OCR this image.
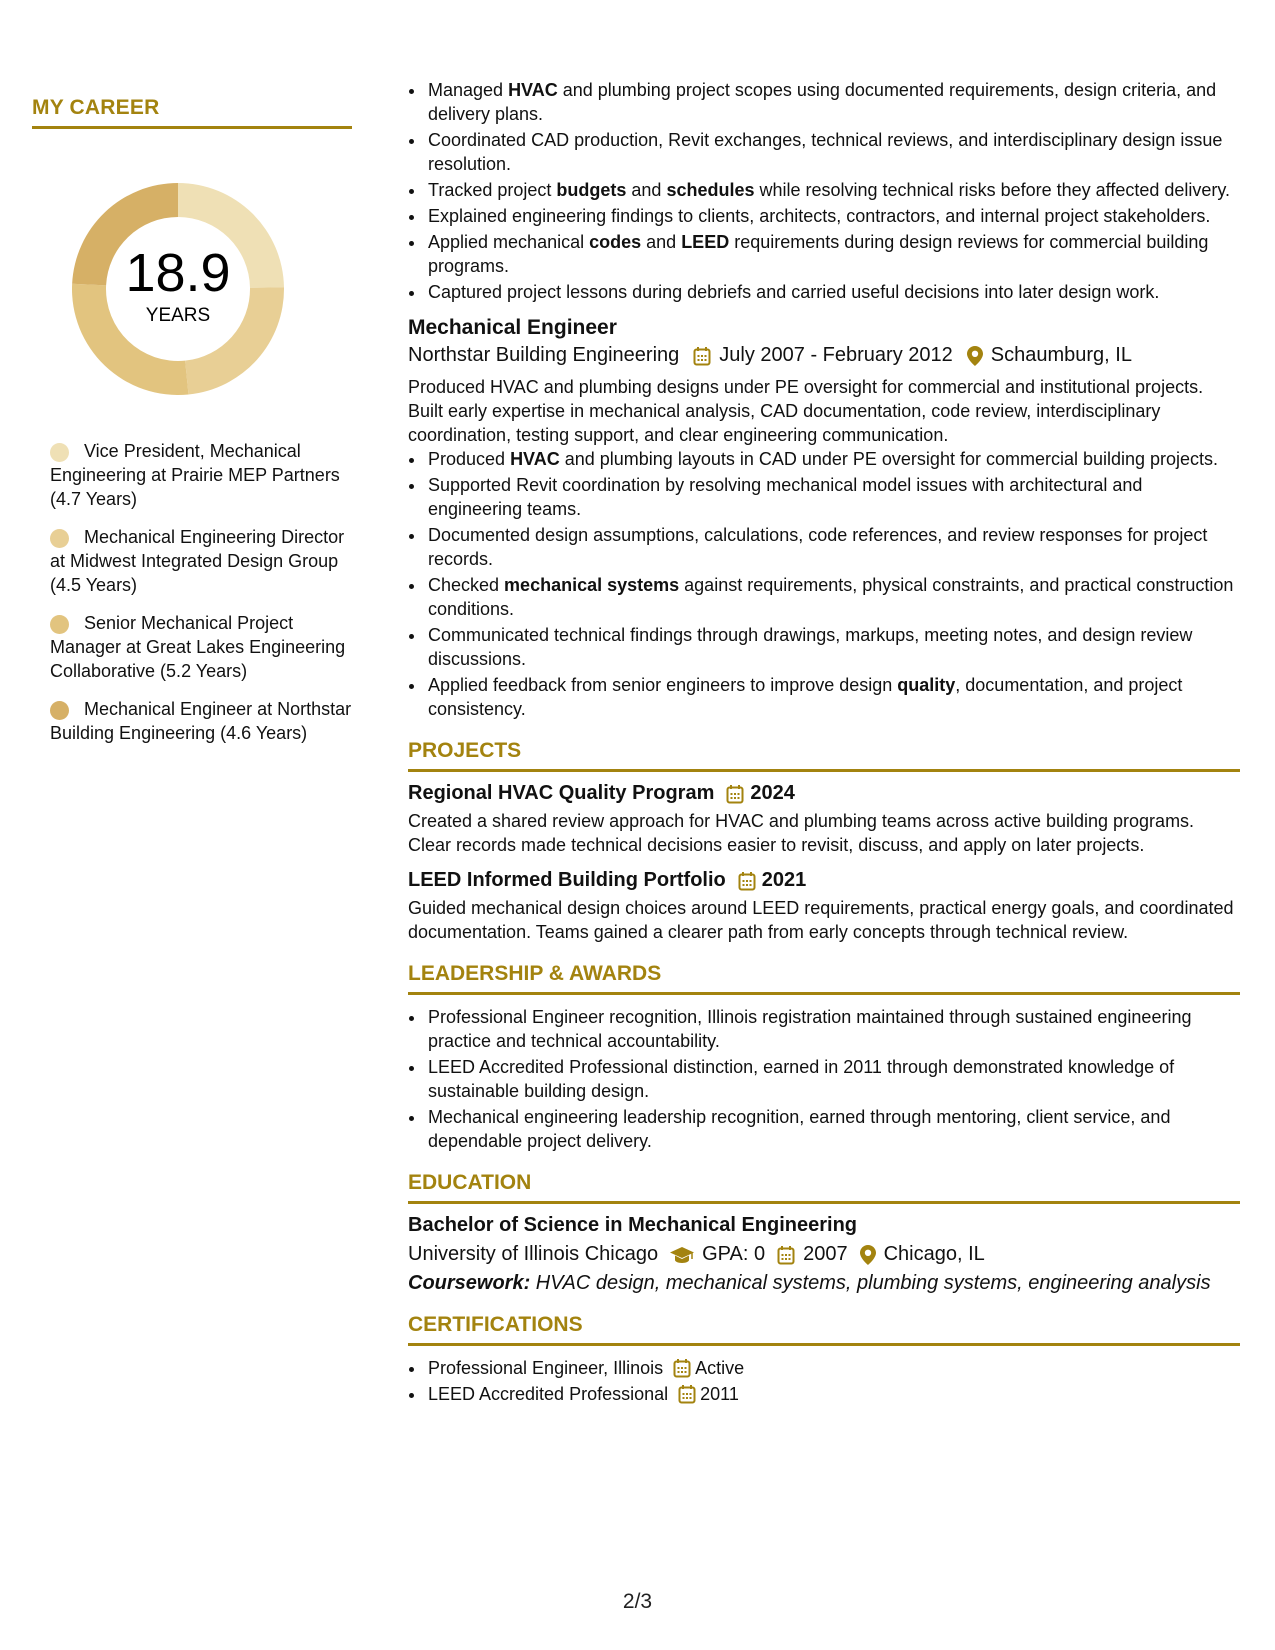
MY CAREER
18.9
YEARS
Vice President, Mechanical Engineering at Prairie MEP Partners (4.7 Years)
Mechanical Engineering Director at Midwest Integrated Design Group (4.5 Years)
Senior Mechanical Project Manager at Great Lakes Engineering Collaborative (5.2 Years)
Mechanical Engineer at Northstar Building Engineering (4.6 Years)
• Managed HVAC and plumbing project scopes using documented requirements, design criteria, and delivery plans.
• Coordinated CAD production, Revit exchanges, technical reviews, and interdisciplinary design issue resolution.
• Tracked project budgets and schedules while resolving technical risks before they affected delivery.
• Explained engineering findings to clients, architects, contractors, and internal project stakeholders.
• Applied mechanical codes and LEED requirements during design reviews for commercial building programs.
• Captured project lessons during debriefs and carried useful decisions into later design work.
Mechanical Engineer
Northstar Building Engineering July 2007 - February 2012 Schaumburg, IL
Produced HVAC and plumbing designs under PE oversight for commercial and institutional projects. Built early expertise in mechanical analysis, CAD documentation, code review, interdisciplinary coordination, testing support, and clear engineering communication.
• Produced HVAC and plumbing layouts in CAD under PE oversight for commercial building projects.
• Supported Revit coordination by resolving mechanical model issues with architectural and engineering teams.
• Documented design assumptions, calculations, code references, and review responses for project records.
• Checked mechanical systems against requirements, physical constraints, and practical construction conditions.
• Communicated technical findings through drawings, markups, meeting notes, and design review discussions.
• Applied feedback from senior engineers to improve design quality, documentation, and project consistency.
PROJECTS
Regional HVAC Quality Program 2024
Created a shared review approach for HVAC and plumbing teams across active building programs. Clear records made technical decisions easier to revisit, discuss, and apply on later projects.
LEED Informed Building Portfolio 2021
Guided mechanical design choices around LEED requirements, practical energy goals, and coordinated documentation. Teams gained a clearer path from early concepts through technical review.
LEADERSHIP & AWARDS
• Professional Engineer recognition, Illinois registration maintained through sustained engineering practice and technical accountability.
• LEED Accredited Professional distinction, earned in 2011 through demonstrated knowledge of sustainable building design.
• Mechanical engineering leadership recognition, earned through mentoring, client service, and dependable project delivery.
EDUCATION
Bachelor of Science in Mechanical Engineering
University of Illinois Chicago GPA: 0 2007 Chicago, IL
Coursework: HVAC design, mechanical systems, plumbing systems, engineering analysis
CERTIFICATIONS
• Professional Engineer, Illinois Active
• LEED Accredited Professional 2011
2/3
